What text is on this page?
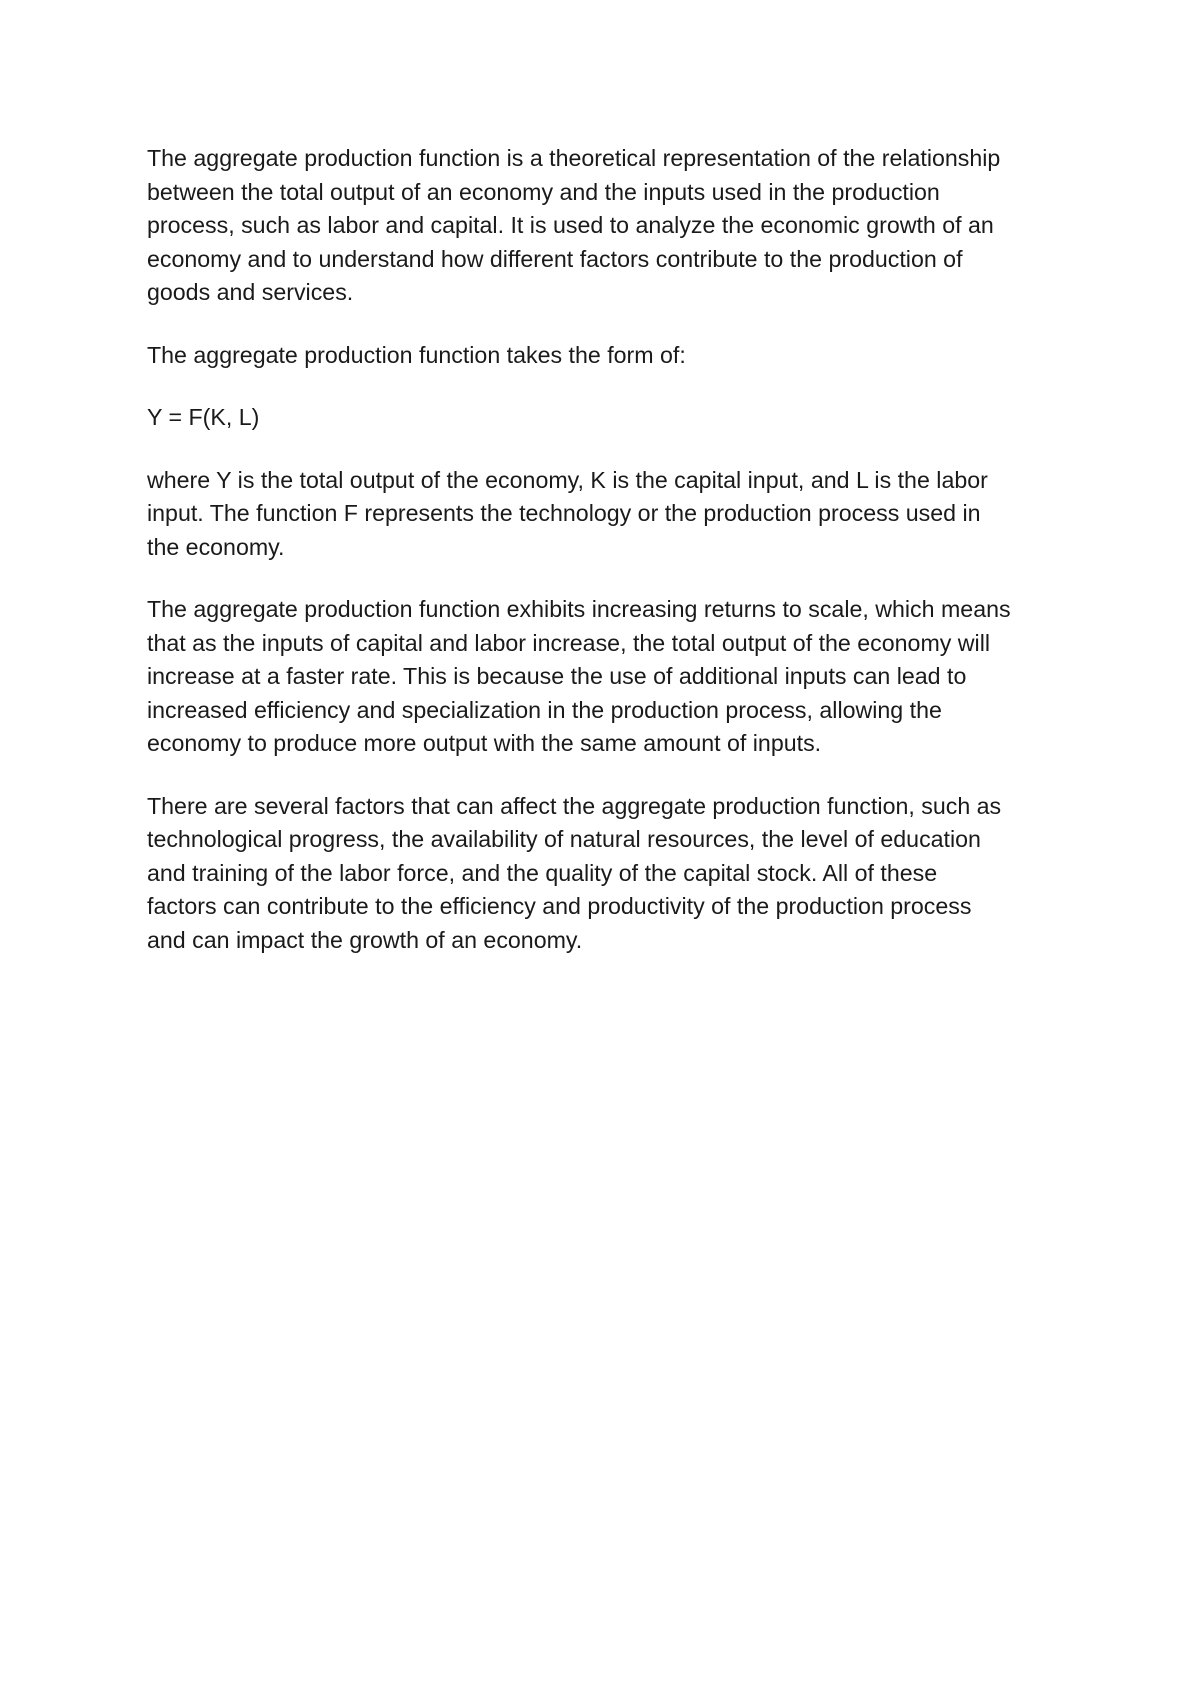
The aggregate production function is a theoretical representation of the relationship
between the total output of an economy and the inputs used in the production
process, such as labor and capital. It is used to analyze the economic growth of an
economy and to understand how different factors contribute to the production of
goods and services.

The aggregate production function takes the form of:

Y = F(K, L)

where Y is the total output of the economy, K is the capital input, and L is the labor
input. The function F represents the technology or the production process used in
the economy.

The aggregate production function exhibits increasing returns to scale, which means
that as the inputs of capital and labor increase, the total output of the economy will
increase at a faster rate. This is because the use of additional inputs can lead to
increased efficiency and specialization in the production process, allowing the
economy to produce more output with the same amount of inputs.

There are several factors that can affect the aggregate production function, such as
technological progress, the availability of natural resources, the level of education
and training of the labor force, and the quality of the capital stock. All of these
factors can contribute to the efficiency and productivity of the production process
and can impact the growth of an economy.
